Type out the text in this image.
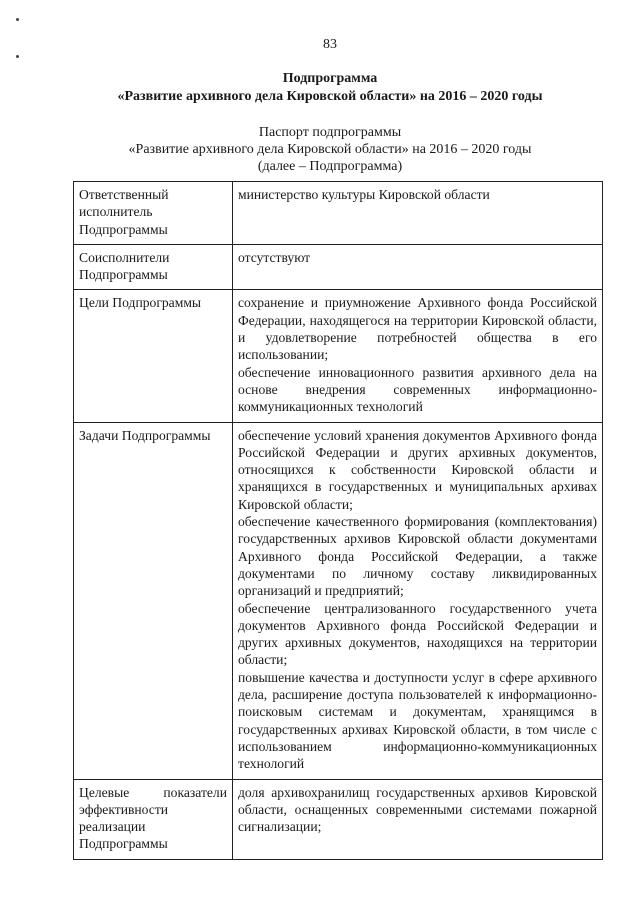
83
Подпрограмма
«Развитие архивного дела Кировской области» на 2016 – 2020 годы
Паспорт подпрограммы
«Развитие архивного дела Кировской области» на 2016 – 2020 годы
(далее – Подпрограмма)
Ответственный исполнитель Подпрограммы	министерство культуры Кировской области

Соисполнители Подпрограммы	отсутствуют

Цели Подпрограммы	сохранение и приумножение Архивного фонда Российской Федерации, находящегося на территории Кировской области, и удовлетворение потребностей общества в его использовании;

обеспечение инновационного развития архивного дела на основе внедрения современных информационно-коммуникационных технологий

Задачи Подпрограммы	обеспечение условий хранения документов Архивного фонда Российской Федерации и других архивных документов, относящихся к собственности Кировской области и хранящихся в государственных и муниципальных архивах Кировской области;

обеспечение качественного формирования (комплектования) государственных архивов Кировской области документами Архивного фонда Российской Федерации, а также документами по личному составу ликвидированных организаций и предприятий;

обеспечение централизованного государственного учета документов Архивного фонда Российской Федерации и других архивных документов, находящихся на территории области;

повышение качества и доступности услуг в сфере архивного дела, расширение доступа пользователей к информационно-поисковым системам и документам, хранящимся в государственных архивах Кировской области, в том числе с использованием информационно-коммуникационных технологий

Целевые показатели эффективности реализации Подпрограммы	доля архивохранилищ государственных архивов Кировской области, оснащенных современными системами пожарной сигнализации;
